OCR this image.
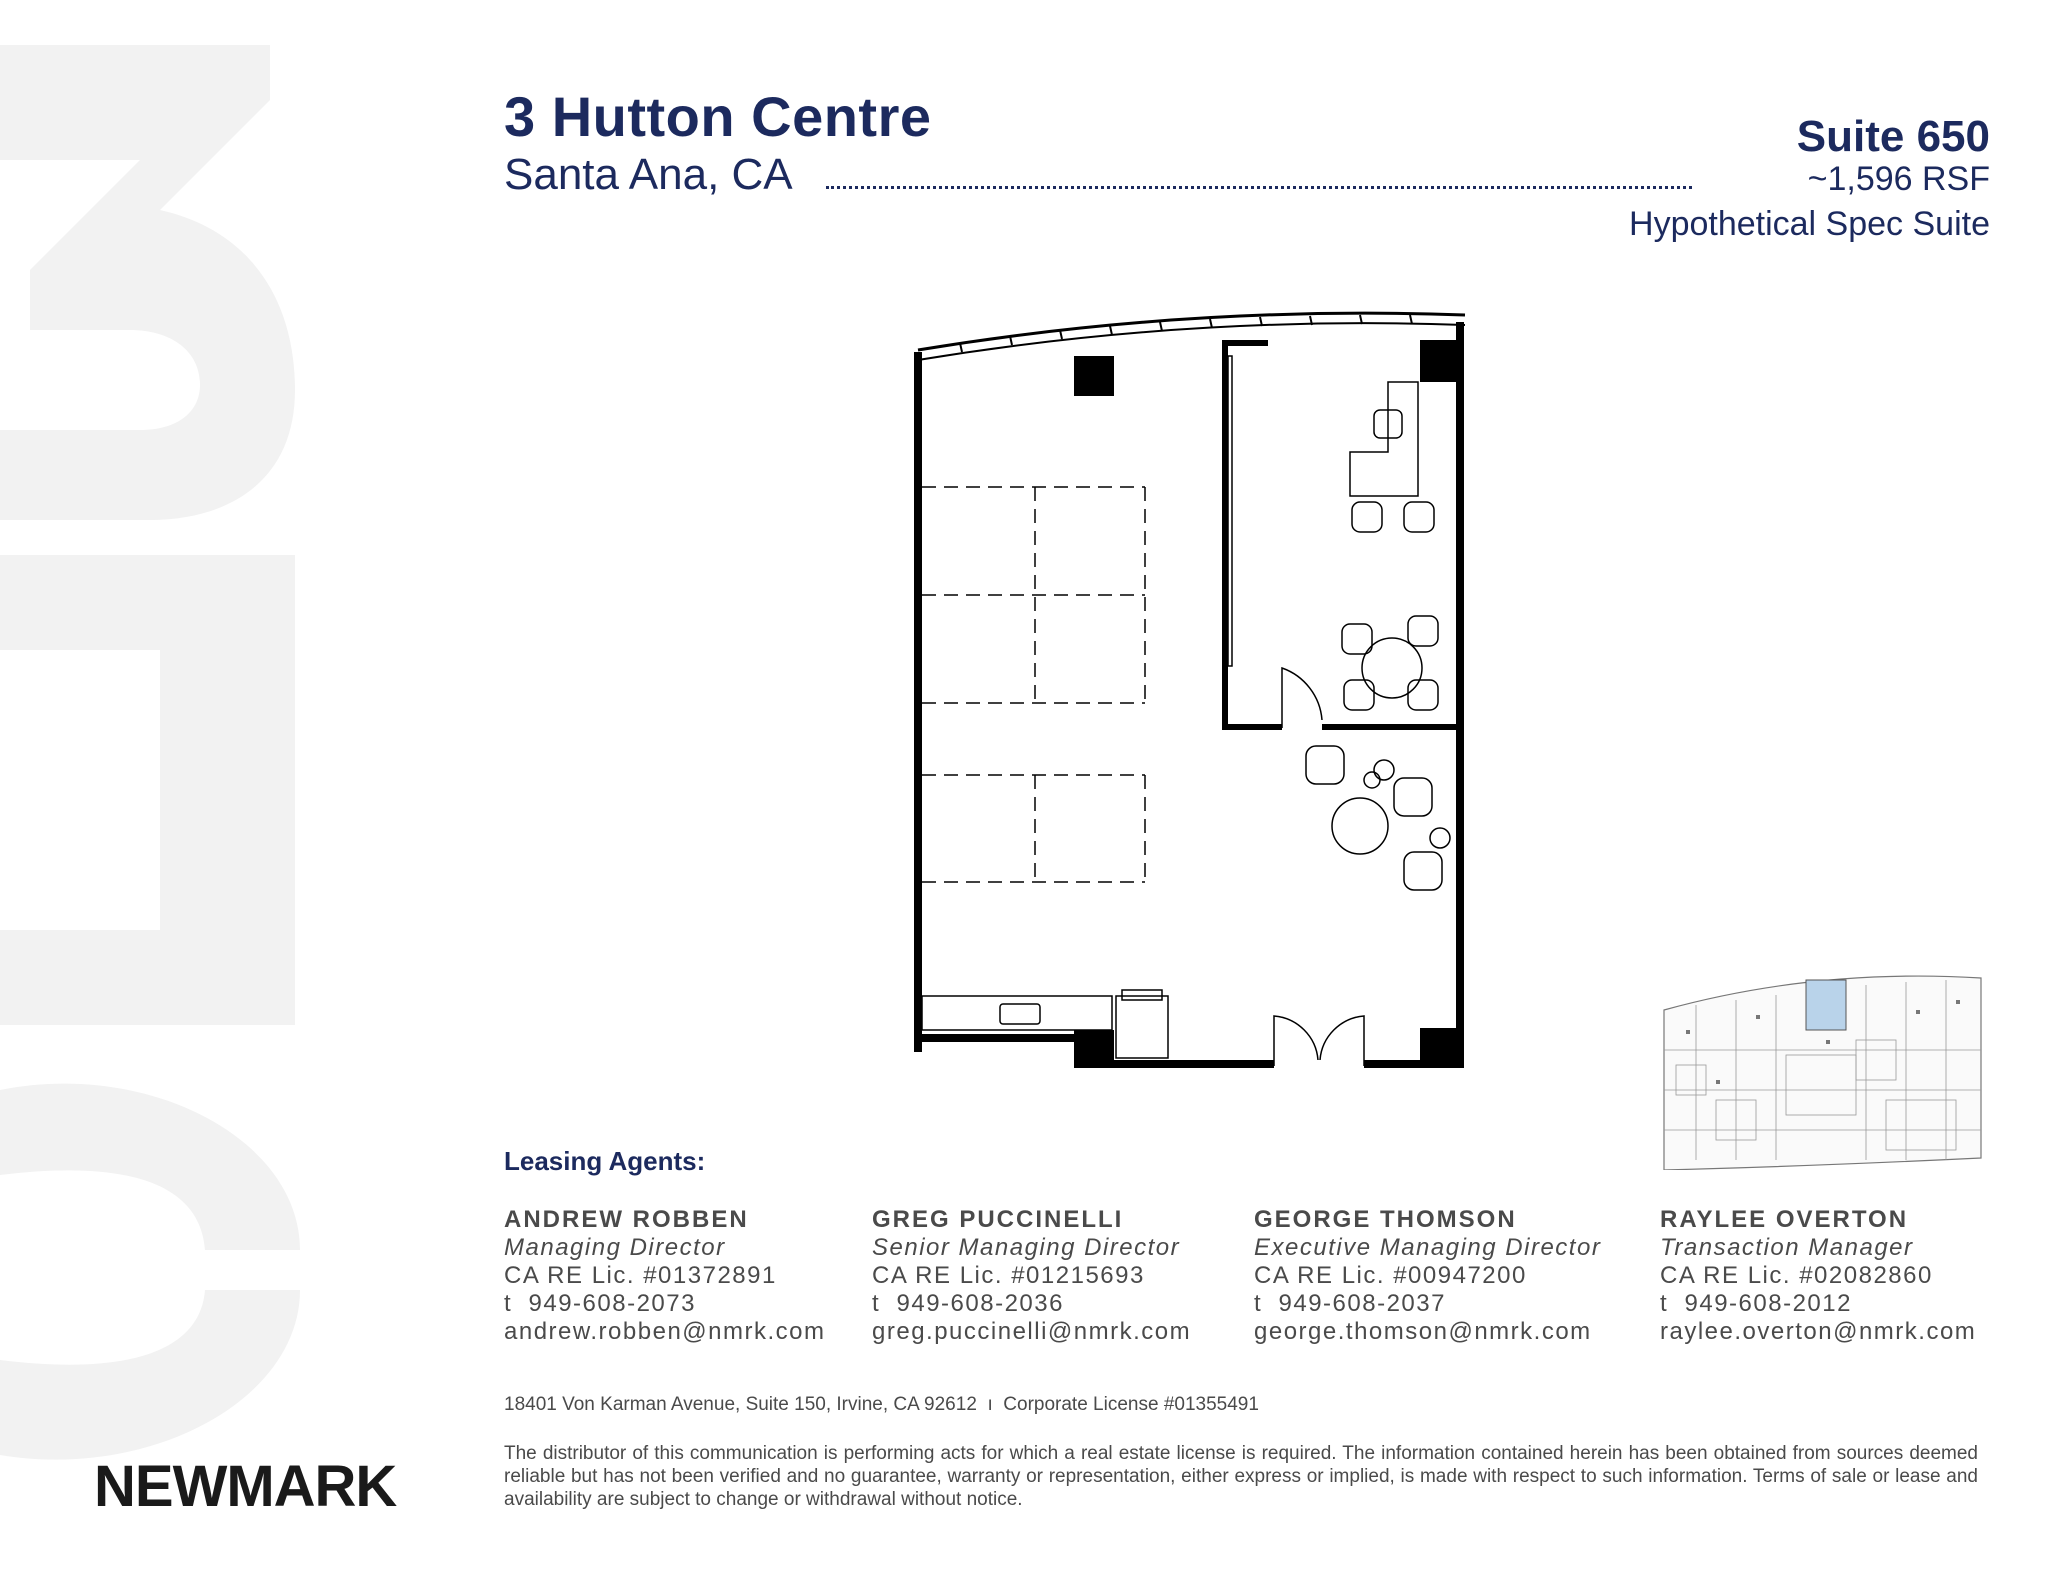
3 Hutton Centre
Santa Ana, CA
Suite 650
~1,596 RSF
Hypothetical Spec Suite
Leasing Agents:
ANDREW ROBBEN
Managing Director
CA RE Lic. #01372891
t  949-608-2073
andrew.robben@nmrk.com
GREG PUCCINELLI
Senior Managing Director
CA RE Lic. #01215693
t  949-608-2036
greg.puccinelli@nmrk.com
GEORGE THOMSON
Executive Managing Director
CA RE Lic. #00947200
t  949-608-2037
george.thomson@nmrk.com
RAYLEE OVERTON
Transaction Manager
CA RE Lic. #02082860
t  949-608-2012
raylee.overton@nmrk.com
18401 Von Karman Avenue, Suite 150, Irvine, CA 92612  ı  Corporate License #01355491
The distributor of this communication is performing acts for which a real estate license is required. The information contained herein has been obtained from sources deemed reliable but has not been verified and no guarantee, warranty or representation, either express or implied, is made with respect to such information. Terms of sale or lease and availability are subject to change or withdrawal without notice.
NEWMARK
